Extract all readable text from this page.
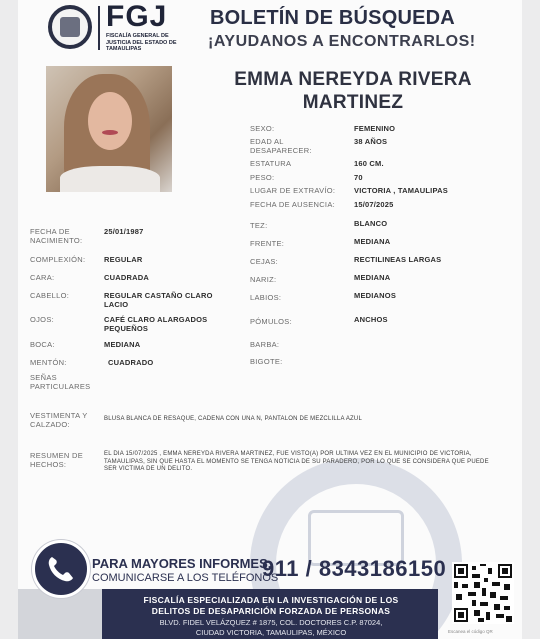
FGJ
FISCALÍA GENERAL DE JUSTICIA DEL ESTADO DE TAMAULIPAS
BOLETÍN DE BÚSQUEDA
¡AYUDANOS A ENCONTRARLOS!
EMMA NEREYDA RIVERA MARTINEZ
SEXO:	FEMENINO
EDAD AL DESAPARECER:
38 AÑOS
ESTATURA	160 CM.
PESO:	70
LUGAR DE EXTRAVÍO: VICTORIA , TAMAULIPAS
FECHA DE AUSENCIA:	15/07/2025
FECHA DE NACIMIENTO:
25/01/1987
COMPLEXIÓN: REGULAR
CARA:	CUADRADA
CABELLO:	REGULAR CASTAÑO CLARO LACIO
OJOS:	CAFÉ CLARO ALARGADOS PEQUEÑOS
BOCA:	MEDIANA
MENTÓN:	CUADRADO
TEZ:	BLANCO
FRENTE:	MEDIANA
CEJAS:	RECTILINEAS LARGAS
NARIZ:	MEDIANA
LABIOS:	MEDIANOS
PÓMULOS:	ANCHOS
BARBA:
BIGOTE:
SEÑAS PARTICULARES
VESTIMENTA Y CALZADO:
BLUSA BLANCA DE RESAQUE, CADENA CON UNA N, PANTALON DE MEZCLILLA AZUL
RESUMEN DE HECHOS:
EL DIA 15/07/2025 , EMMA NEREYDA RIVERA MARTINEZ, FUE VISTO(A) POR ULTIMA VEZ EN EL MUNICIPIO DE VICTORIA, TAMAULIPAS, SIN QUE HASTA EL MOMENTO SE TENGA NOTICIA DE SU PARADERO, POR LO QUE SE CONSIDERA QUE PUEDE SER VICTIMA DE UN DELITO.
PARA MAYORES INFORMES,
COMUNICARSE A LOS TELÉFONOS
911 / 8343186150
FISCALÍA ESPECIALIZADA EN LA INVESTIGACIÓN DE LOS
DELITOS DE DESAPARICIÓN FORZADA DE PERSONAS
BLVD. FIDEL VELÁZQUEZ # 1875, COL. DOCTORES C.P. 87024,
CIUDAD VICTORIA, TAMAULIPAS, MÉXICO	Escanea el código QR
